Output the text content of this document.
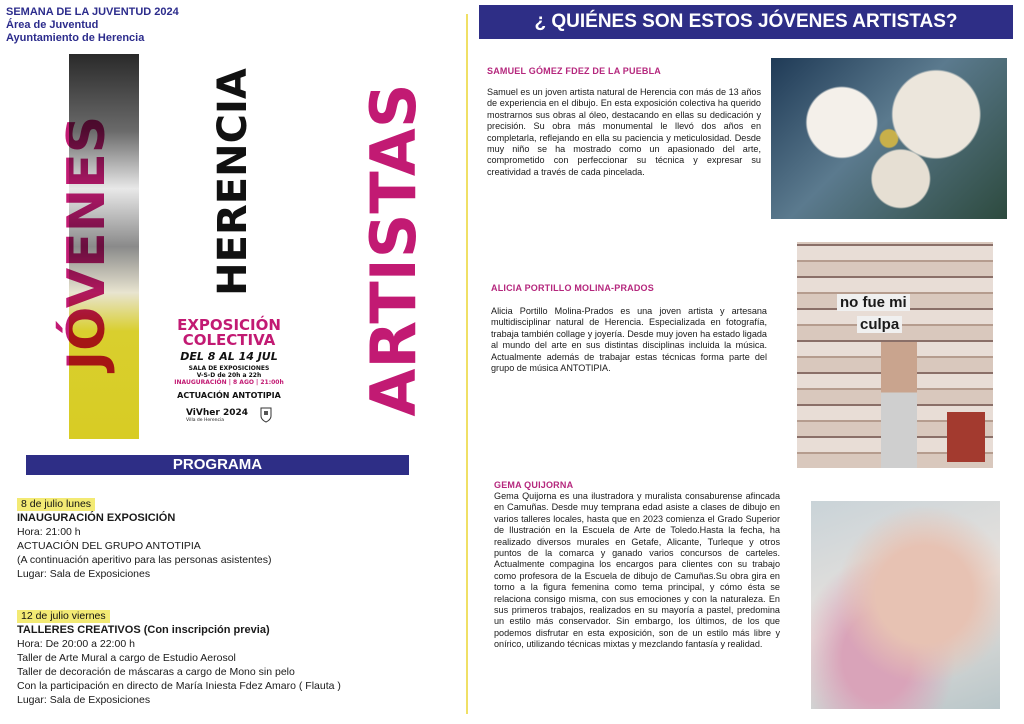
SEMANA DE LA JUVENTUD 2024
Área de Juventud
Ayuntamiento de Herencia
JÓVENES HERENCIA ARTISTAS
EXPOSICIÓN
COLECTIVA
DEL 8 AL 14 JUL
SALA DE EXPOSICIONES
V-S-D de 20h a 22h
INAUGURACIÓN | 8 AGO | 21:00h
ACTUACIÓN ANTOTIPIA
ViVher 2024
Villa de Herencia
PROGRAMA
8 de julio lunes
INAUGURACIÓN EXPOSICIÓN
Hora: 21:00 h
ACTUACIÓN DEL GRUPO ANTOTIPIA
(A continuación aperitivo para las personas asistentes)
Lugar: Sala de Exposiciones
12 de julio viernes
TALLERES CREATIVOS (Con inscripción previa)
Hora: De 20:00 a 22:00 h
Taller de Arte Mural a cargo de Estudio Aerosol
Taller de decoración de máscaras a cargo de Mono sin pelo
Con la participación en directo de María Iniesta Fdez Amaro ( Flauta )
Lugar: Sala de Exposiciones
¿ QUIÉNES SON ESTOS JÓVENES ARTISTAS?
SAMUEL GÓMEZ FDEZ DE LA PUEBLA
Samuel es un joven artista natural de Herencia con más de 13 años de experiencia en el dibujo. En esta exposición colectiva ha querido mostrarnos sus obras al óleo, destacando en ellas su dedicación y precisión. Su obra más monumental le llevó dos años en completarla, reflejando en ella su paciencia y meticulosidad. Desde muy niño se ha mostrado como un apasionado del arte, comprometido con perfeccionar su técnica y expresar su creatividad a través de cada pincelada.
ALICIA PORTILLO MOLINA-PRADOS
Alicia Portillo Molina-Prados es una joven artista y artesana multidisciplinar natural de Herencia. Especializada en fotografía, trabaja también collage y joyería. Desde muy joven ha estado ligada al mundo del arte en sus distintas disciplinas incluida la música. Actualmente además de trabajar estas técnicas forma parte del grupo de música ANTOTIPIA.
no fue mi
culpa
GEMA QUIJORNA
Gema Quijorna es una ilustradora y muralista consaburense afincada en Camuñas. Desde muy temprana edad asiste a clases de dibujo en varios talleres locales, hasta que en 2023 comienza el Grado Superior de Ilustración en la Escuela de Arte de Toledo.Hasta la fecha, ha realizado diversos murales en Getafe, Alicante, Turleque y otros puntos de la comarca y ganado varios concursos de carteles. Actualmente compagina los encargos para clientes con su trabajo como profesora de la Escuela de dibujo de Camuñas.Su obra gira en torno a la figura femenina como tema principal, y cómo ésta se relaciona consigo misma, con sus emociones y con la naturaleza. En sus primeros trabajos, realizados en su mayoría a pastel, predomina un estilo más conservador. Sin embargo, los últimos, de los que podemos disfrutar en esta exposición, son de un estilo más libre y onírico, utilizando técnicas mixtas y mezclando fantasía y realidad.
